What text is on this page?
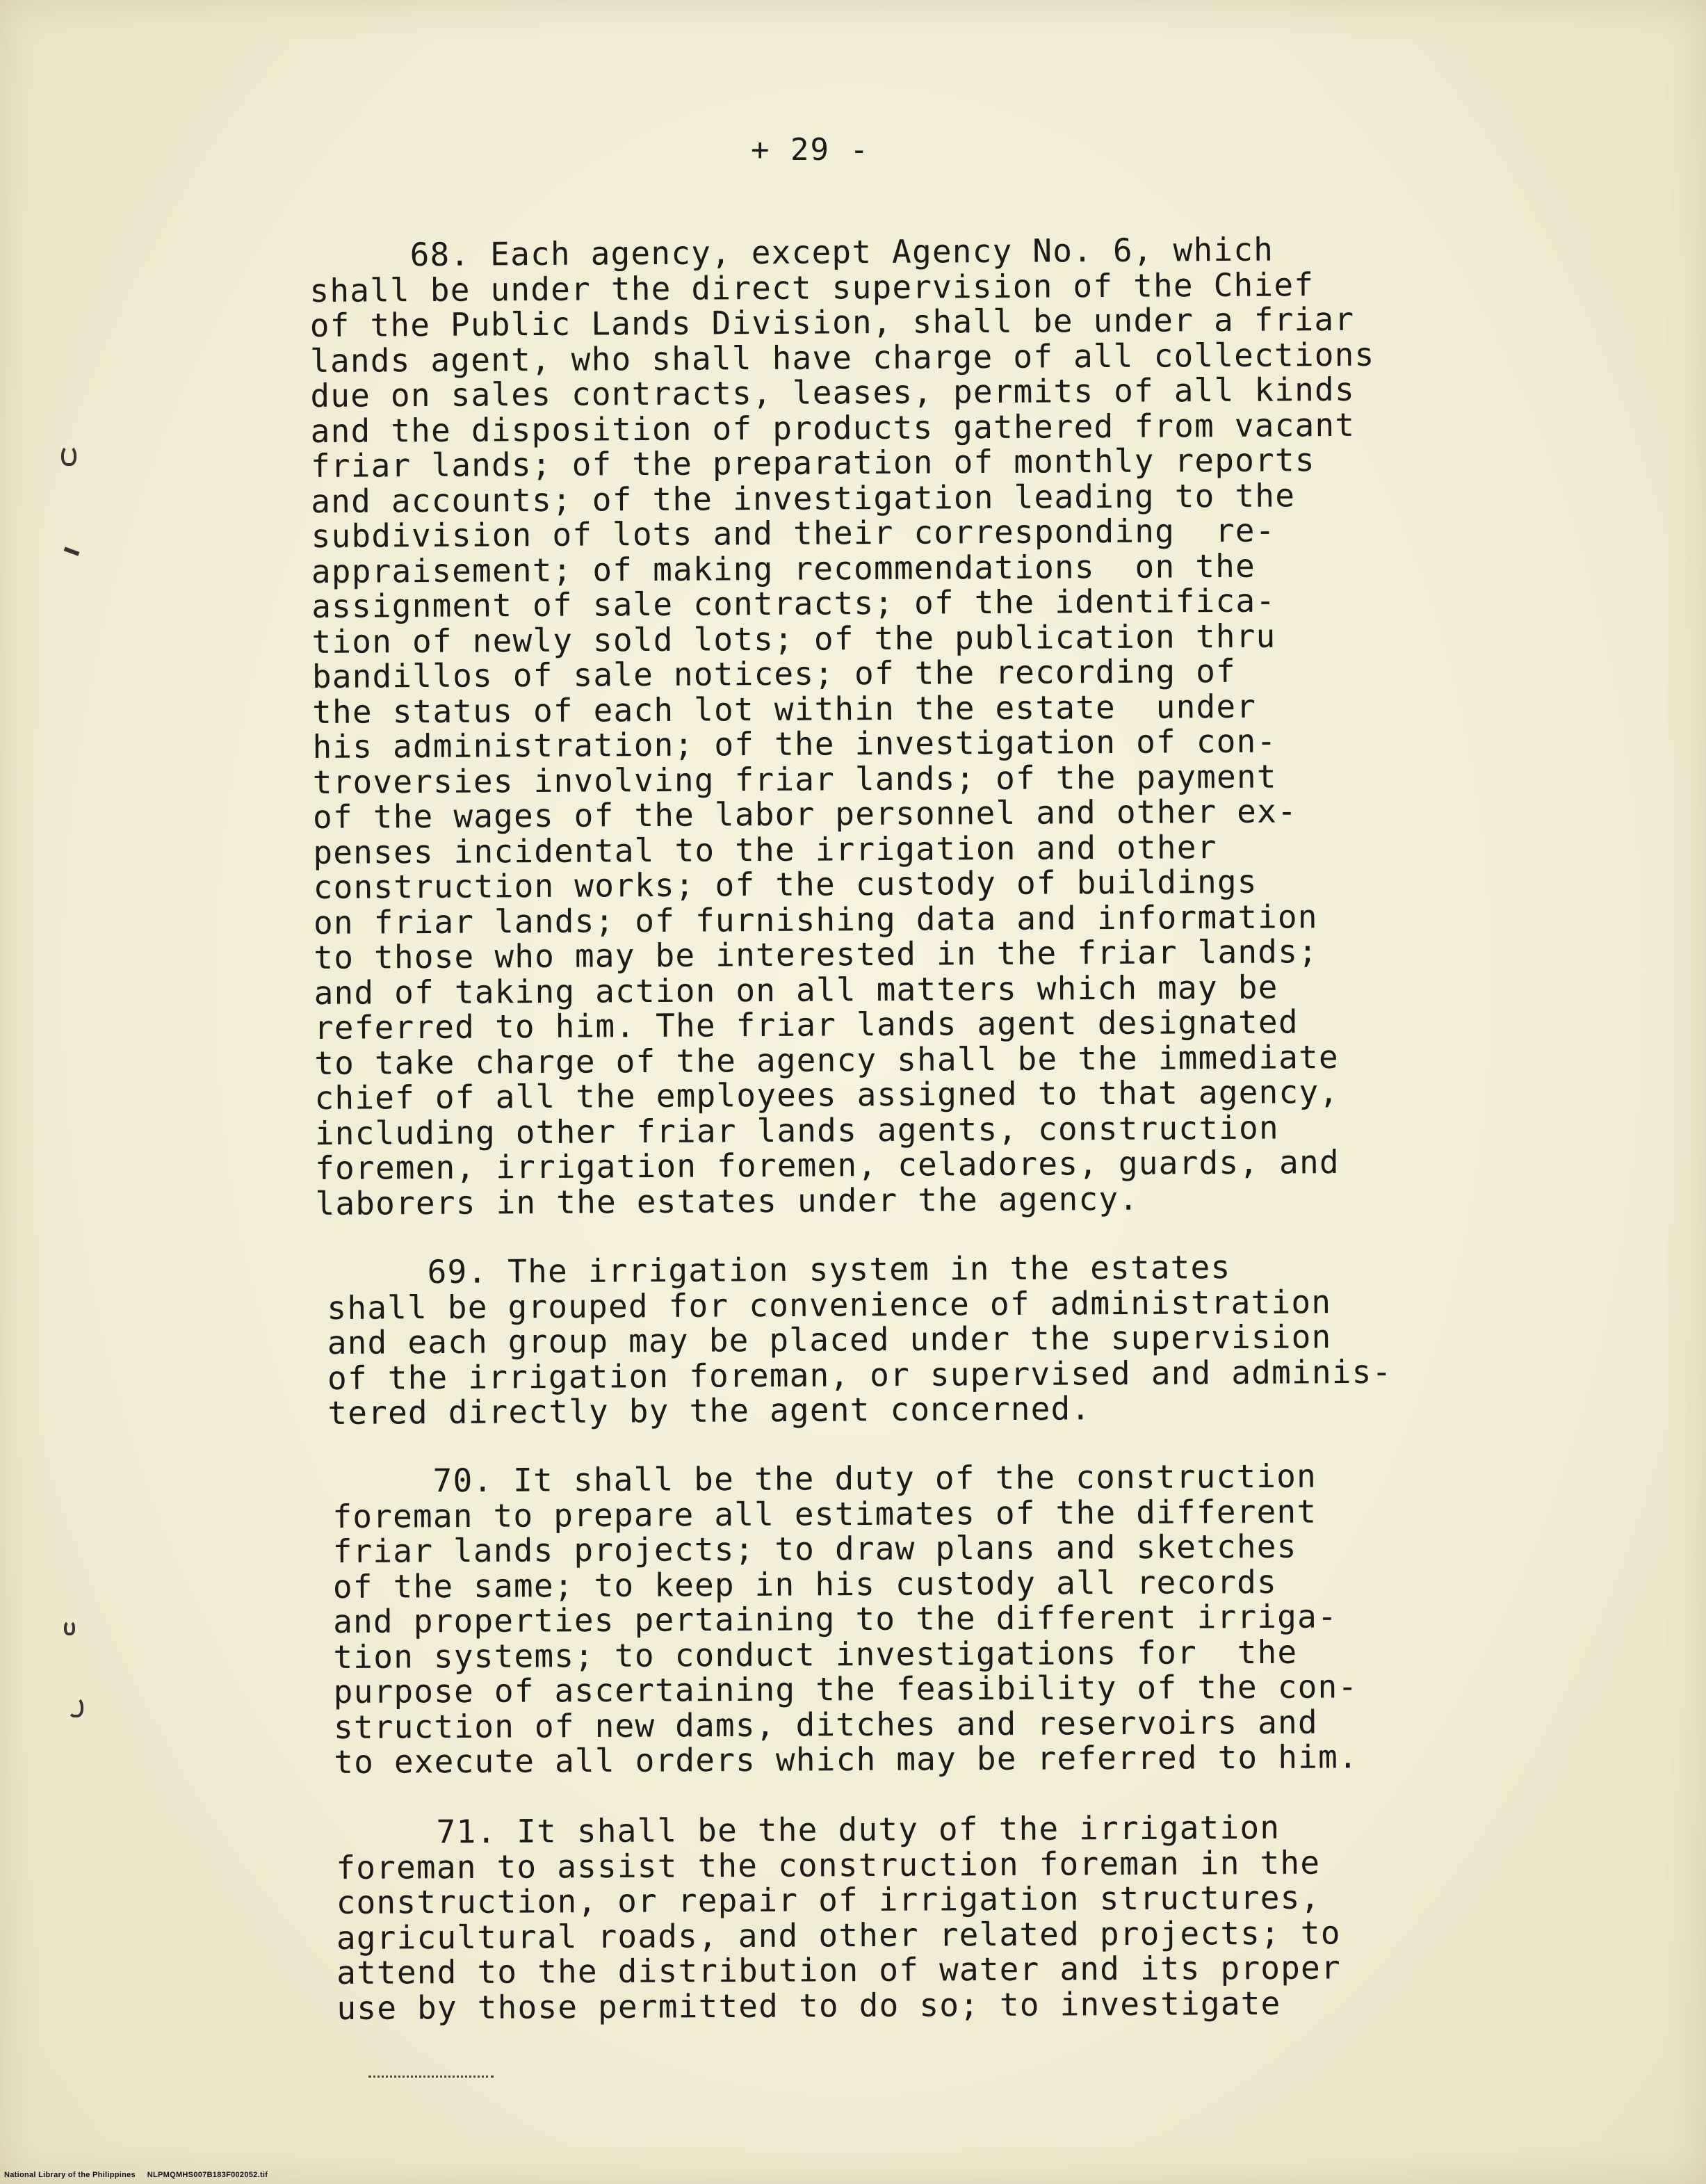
+ 29 -

68. Each agency, except Agency No. 6, which
shall be under the direct supervision of the Chief
of the Public Lands Division, shall be under a friar
lands agent, who shall have charge of all collections
due on sales contracts, leases, permits of all kinds
and the disposition of products gathered from vacant
friar lands; of the preparation of monthly reports
and accounts; of the investigation leading to the
subdivision of lots and their corresponding  re-
appraisement; of making recommendations  on the
assignment of sale contracts; of the identifica-
tion of newly sold lots; of the publication thru
bandillos of sale notices; of the recording of
the status of each lot within the estate  under
his administration; of the investigation of con-
troversies involving friar lands; of the payment
of the wages of the labor personnel and other ex-
penses incidental to the irrigation and other
construction works; of the custody of buildings
on friar lands; of furnishing data and information
to those who may be interested in the friar lands;
and of taking action on all matters which may be
referred to him. The friar lands agent designated
to take charge of the agency shall be the immediate
chief of all the employees assigned to that agency,
including other friar lands agents, construction
foremen, irrigation foremen, celadores, guards, and
laborers in the estates under the agency.

69. The irrigation system in the estates
shall be grouped for convenience of administration
and each group may be placed under the supervision
of the irrigation foreman, or supervised and adminis-
tered directly by the agent concerned.

70. It shall be the duty of the construction
foreman to prepare all estimates of the different
friar lands projects; to draw plans and sketches
of the same; to keep in his custody all records
and properties pertaining to the different irriga-
tion systems; to conduct investigations for  the
purpose of ascertaining the feasibility of the con-
struction of new dams, ditches and reservoirs and
to execute all orders which may be referred to him.

71. It shall be the duty of the irrigation
foreman to assist the construction foreman in the
construction, or repair of irrigation structures,
agricultural roads, and other related projects; to
attend to the distribution of water and its proper
use by those permitted to do so; to investigate

National Library of the Philippines NLPMQMHS007B183F002052.tif
